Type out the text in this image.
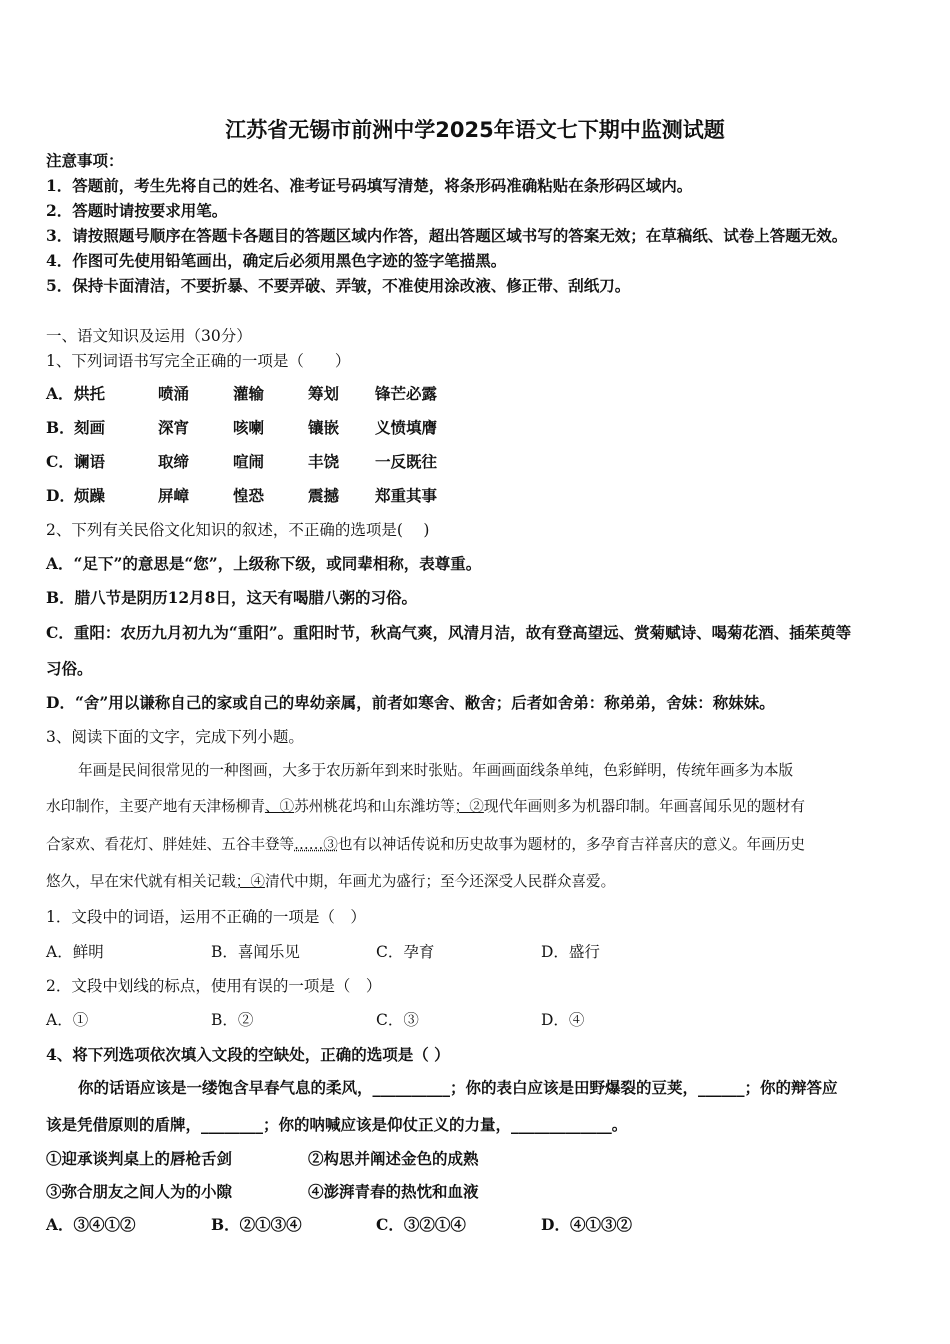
江苏省无锡市前洲中学2025年语文七下期中监测试题
注意事项：
1．答题前，考生先将自己的姓名、准考证号码填写清楚，将条形码准确粘贴在条形码区域内。
2．答题时请按要求用笔。
3．请按照题号顺序在答题卡各题目的答题区域内作答，超出答题区域书写的答案无效；在草稿纸、试卷上答题无效。
4．作图可先使用铅笔画出，确定后必须用黑色字迹的签字笔描黑。
5．保持卡面清洁，不要折暴、不要弄破、弄皱，不准使用涂改液、修正带、刮纸刀。
一、语文知识及运用（30分）
1、下列词语书写完全正确的一项是（　　）
A．烘托	喷涌	灌输	筹划 锋芒必露
B．刻画	深宵	咳喇	镶嵌 义愤填膺
C．谰语	取缔	喧闹	丰饶 一反既往
D．烦躁	屏嶂	惶恐	震撼 郑重其事
2、下列有关民俗文化知识的叙述，不正确的选项是(　 )
A．“足下”的意思是“您”，上级称下级，或同辈相称，表尊重。
B．腊八节是阴历12月8日，这天有喝腊八粥的习俗。
C．重阳：农历九月初九为“重阳”。重阳时节，秋高气爽，风清月洁，故有登高望远、赏菊赋诗、喝菊花酒、插茱萸等
习俗。
D．“舍”用以谦称自己的家或自己的卑幼亲属，前者如寒舍、敝舍；后者如舍弟：称弟弟，舍妹：称妹妹。
3、阅读下面的文字，完成下列小题。
年画是民间很常见的一种图画，大多于农历新年到来时张贴。年画画面线条单纯，色彩鲜明，传统年画多为本版
水印制作，主要产地有天津杨柳青、①苏州桃花坞和山东潍坊等；②现代年画则多为机器印制。年画喜闻乐见的题材有
合家欢、看花灯、胖娃娃、五谷丰登等……③也有以神话传说和历史故事为题材的，多孕育吉祥喜庆的意义。年画历史
悠久，早在宋代就有相关记载；④清代中期，年画尤为盛行；至今还深受人民群众喜爱。
1．文段中的词语，运用不正确的一项是（　）
A．鲜明	B．喜闻乐见	C．孕育	D．盛行
2．文段中划线的标点，使用有误的一项是（　）
A．①	B．②	C．③	D．④
4、将下列选项依次填入文段的空缺处，正确的选项是（ ）
你的话语应该是一缕饱含早春气息的柔风，__________；你的表白应该是田野爆裂的豆荚，______；你的辩答应
该是凭借原则的盾牌，________；你的呐喊应该是仰仗正义的力量，_____________。
①迎承谈判桌上的唇枪舌剑	②构思并阐述金色的成熟
③弥合朋友之间人为的小隙	④澎湃青春的热忱和血液
A．③④①②	B．②①③④	C．③②①④	D．④①③②
